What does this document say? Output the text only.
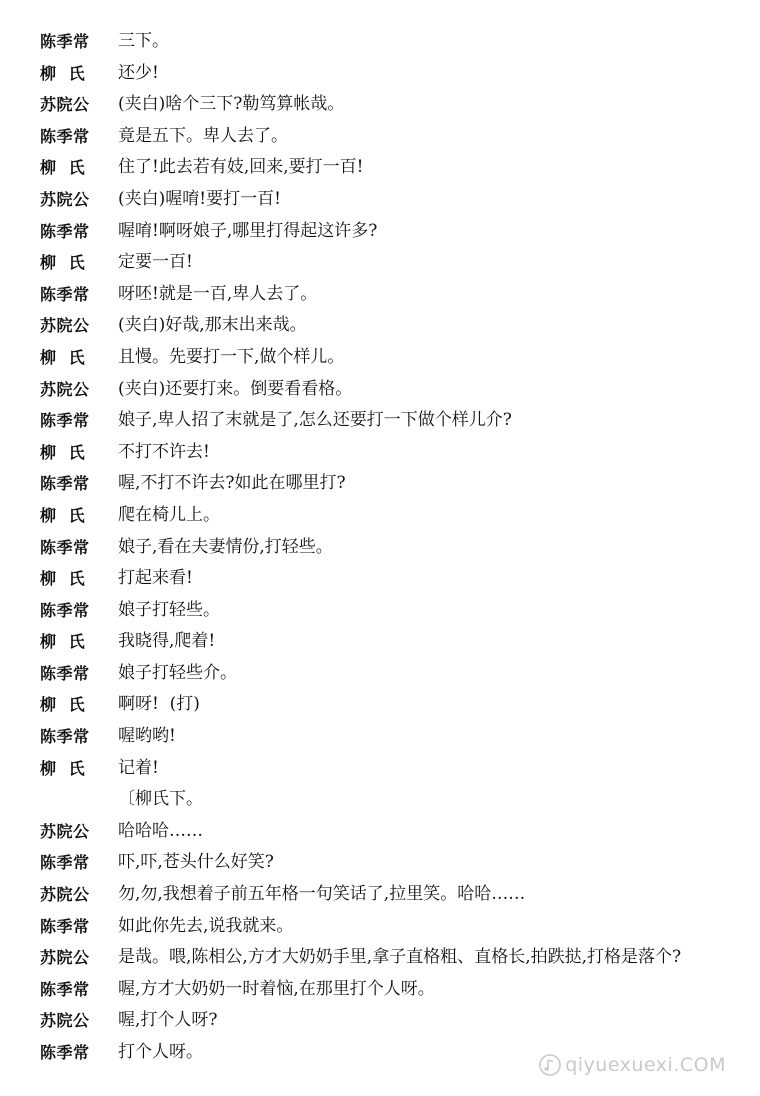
陈季常	三下。
柳  氏	还少!
苏院公	(夹白)啥个三下?勒笃算帐哉。
陈季常	竟是五下。卑人去了。
柳  氏	住了!此去若有妓,回来,要打一百!
苏院公	(夹白)喔唷!要打一百!
陈季常	喔唷!啊呀娘子,哪里打得起这许多?
柳  氏	定要一百!
陈季常	呀呸!就是一百,卑人去了。
苏院公	(夹白)好哉,那末出来哉。
柳  氏	且慢。先要打一下,做个样儿。
苏院公	(夹白)还要打来。倒要看看格。
陈季常	娘子,卑人招了末就是了,怎么还要打一下做个样儿介?
柳  氏	不打不许去!
陈季常	喔,不打不许去?如此在哪里打?
柳  氏	爬在椅儿上。
陈季常	娘子,看在夫妻情份,打轻些。
柳  氏	打起来看!
陈季常	娘子打轻些。
柳  氏	我晓得,爬着!
陈季常	娘子打轻些介。
柳  氏	啊呀!  (打)
陈季常	喔哟哟!
柳  氏	记着!
〔柳氏下。
苏院公	哈哈哈……
陈季常	吓,吓,苍头什么好笑?
苏院公	勿,勿,我想着子前五年格一句笑话了,拉里笑。哈哈……
陈季常	如此你先去,说我就来。
苏院公	是哉。喂,陈相公,方才大奶奶手里,拿子直格粗、直格长,拍跌挞,打格是落个?
陈季常	喔,方才大奶奶一时着恼,在那里打个人呀。
苏院公	喔,打个人呀?
陈季常	打个人呀。
qiyuexuexi.COM
